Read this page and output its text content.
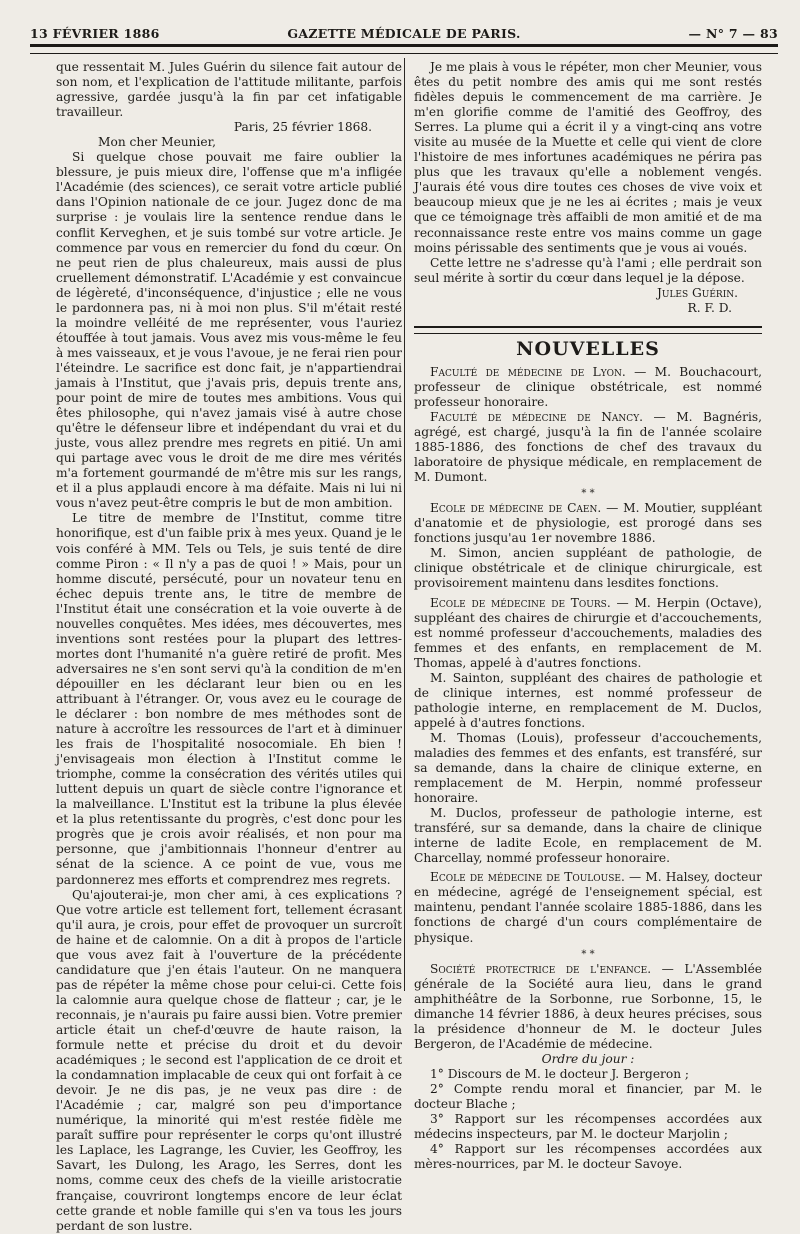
13 FÉVRIER 1886	GAZETTE MÉDICALE DE PARIS.	— N° 7 — 83

que ressentait M. Jules Guérin du silence fait autour de son nom, et l'explication de l'attitude militante, parfois agressive, gardée jusqu'à la fin par cet infatigable travailleur.

Paris, 25 février 1868.

Mon cher Meunier,

Si quelque chose pouvait me faire oublier la blessure, je puis mieux dire, l'offense que m'a infligée l'Académie (des sciences), ce serait votre article publié dans l'Opinion nationale de ce jour. Jugez donc de ma surprise : je voulais lire la sentence rendue dans le conflit Kerveghen, et je suis tombé sur votre article. Je commence par vous en remercier du fond du cœur. On ne peut rien de plus chaleureux, mais aussi de plus cruellement démonstratif. L'Académie y est convaincue de légèreté, d'inconséquence, d'injustice ; elle ne vous le pardonnera pas, ni à moi non plus. S'il m'était resté la moindre velléité de me représenter, vous l'auriez étouffée à tout jamais. Vous avez mis vous-même le feu à mes vaisseaux, et je vous l'avoue, je ne ferai rien pour l'éteindre. Le sacrifice est donc fait, je n'appartiendrai jamais à l'Institut, que j'avais pris, depuis trente ans, pour point de mire de toutes mes ambitions. Vous qui êtes philosophe, qui n'avez jamais visé à autre chose qu'être le défenseur libre et indépendant du vrai et du juste, vous allez prendre mes regrets en pitié. Un ami qui partage avec vous le droit de me dire mes vérités m'a fortement gourmandé de m'être mis sur les rangs, et il a plus applaudi encore à ma défaite. Mais ni lui ni vous n'avez peut-être compris le but de mon ambition.

Le titre de membre de l'Institut, comme titre honorifique, est d'un faible prix à mes yeux. Quand je le vois conféré à MM. Tels ou Tels, je suis tenté de dire comme Piron : « Il n'y a pas de quoi ! » Mais, pour un homme discuté, persécuté, pour un novateur tenu en échec depuis trente ans, le titre de membre de l'Institut était une consécration et la voie ouverte à de nouvelles conquêtes. Mes idées, mes découvertes, mes inventions sont restées pour la plupart des lettres-mortes dont l'humanité n'a guère retiré de profit. Mes adversaires ne s'en sont servi qu'à la condition de m'en dépouiller en les déclarant leur bien ou en les attribuant à l'étranger. Or, vous avez eu le courage de le déclarer : bon nombre de mes méthodes sont de nature à accroître les ressources de l'art et à diminuer les frais de l'hospitalité nosocomiale. Eh bien ! j'envisageais mon élection à l'Institut comme le triomphe, comme la consécration des vérités utiles qui luttent depuis un quart de siècle contre l'ignorance et la malveillance. L'Institut est la tribune la plus élevée et la plus retentissante du progrès, c'est donc pour les progrès que je crois avoir réalisés, et non pour ma personne, que j'ambitionnais l'honneur d'entrer au sénat de la science. A ce point de vue, vous me pardonnerez mes efforts et comprendrez mes regrets.

Qu'ajouterai-je, mon cher ami, à ces explications ? Que votre article est tellement fort, tellement écrasant qu'il aura, je crois, pour effet de provoquer un surcroît de haine et de calomnie. On a dit à propos de l'article que vous avez fait à l'ouverture de la précédente candidature que j'en étais l'auteur. On ne manquera pas de répéter la même chose pour celui-ci. Cette fois la calomnie aura quelque chose de flatteur ; car, je le reconnais, je n'aurais pu faire aussi bien. Votre premier article était un chef-d'œuvre de haute raison, la formule nette et précise du droit et du devoir académiques ; le second est l'application de ce droit et la condamnation implacable de ceux qui ont forfait à ce devoir. Je ne dis pas, je ne veux pas dire : de l'Académie ; car, malgré son peu d'importance numérique, la minorité qui m'est restée fidèle me paraît suffire pour représenter le corps qu'ont illustré les Laplace, les Lagrange, les Cuvier, les Geoffroy, les Savart, les Dulong, les Arago, les Serres, dont les noms, comme ceux des chefs de la vieille aristocratie française, couvriront longtemps encore de leur éclat cette grande et noble famille qui s'en va tous les jours perdant de son lustre.

Je me plais à vous le répéter, mon cher Meunier, vous êtes du petit nombre des amis qui me sont restés fidèles depuis le commencement de ma carrière. Je m'en glorifie comme de l'amitié des Geoffroy, des Serres. La plume qui a écrit il y a vingt-cinq ans votre visite au musée de la Muette et celle qui vient de clore l'histoire de mes infortunes académiques ne périra pas plus que les travaux qu'elle a noblement vengés. J'aurais été vous dire toutes ces choses de vive voix et beaucoup mieux que je ne les ai écrites ; mais je veux que ce témoignage très affaibli de mon amitié et de ma reconnaissance reste entre vos mains comme un gage moins périssable des sentiments que je vous ai voués.

Cette lettre ne s'adresse qu'à l'ami ; elle perdrait son seul mérite à sortir du cœur dans lequel je la dépose.

Jules Guérin.

R. F. D.

NOUVELLES

Faculté de médecine de Lyon. — M. Bouchacourt, professeur de clinique obstétricale, est nommé professeur honoraire.

Faculté de médecine de Nancy. — M. Bagnéris, agrégé, est chargé, jusqu'à la fin de l'année scolaire 1885-1886, des fonctions de chef des travaux du laboratoire de physique médicale, en remplacement de M. Dumont.

* *

Ecole de médecine de Caen. — M. Moutier, suppléant d'anatomie et de physiologie, est prorogé dans ses fonctions jusqu'au 1er novembre 1886.

M. Simon, ancien suppléant de pathologie, de clinique obstétricale et de clinique chirurgicale, est provisoirement maintenu dans lesdites fonctions.

Ecole de médecine de Tours. — M. Herpin (Octave), suppléant des chaires de chirurgie et d'accouchements, est nommé professeur d'accouchements, maladies des femmes et des enfants, en remplacement de M. Thomas, appelé à d'autres fonctions.

M. Sainton, suppléant des chaires de pathologie et de clinique internes, est nommé professeur de pathologie interne, en remplacement de M. Duclos, appelé à d'autres fonctions.

M. Thomas (Louis), professeur d'accouchements, maladies des femmes et des enfants, est transféré, sur sa demande, dans la chaire de clinique externe, en remplacement de M. Herpin, nommé professeur honoraire.

M. Duclos, professeur de pathologie interne, est transféré, sur sa demande, dans la chaire de clinique interne de ladite Ecole, en remplacement de M. Charcellay, nommé professeur honoraire.

Ecole de médecine de Toulouse. — M. Halsey, docteur en médecine, agrégé de l'enseignement spécial, est maintenu, pendant l'année scolaire 1885-1886, dans les fonctions de chargé d'un cours complémentaire de physique.

* *

Société protectrice de l'enfance. — L'Assemblée générale de la Société aura lieu, dans le grand amphithéâtre de la Sorbonne, rue Sorbonne, 15, le dimanche 14 février 1886, à deux heures précises, sous la présidence d'honneur de M. le docteur Jules Bergeron, de l'Académie de médecine.

Ordre du jour :

1° Discours de M. le docteur J. Bergeron ;

2° Compte rendu moral et financier, par M. le docteur Blache ;

3° Rapport sur les récompenses accordées aux médecins inspecteurs, par M. le docteur Marjolin ;

4° Rapport sur les récompenses accordées aux mères-nourrices, par M. le docteur Savoye.
